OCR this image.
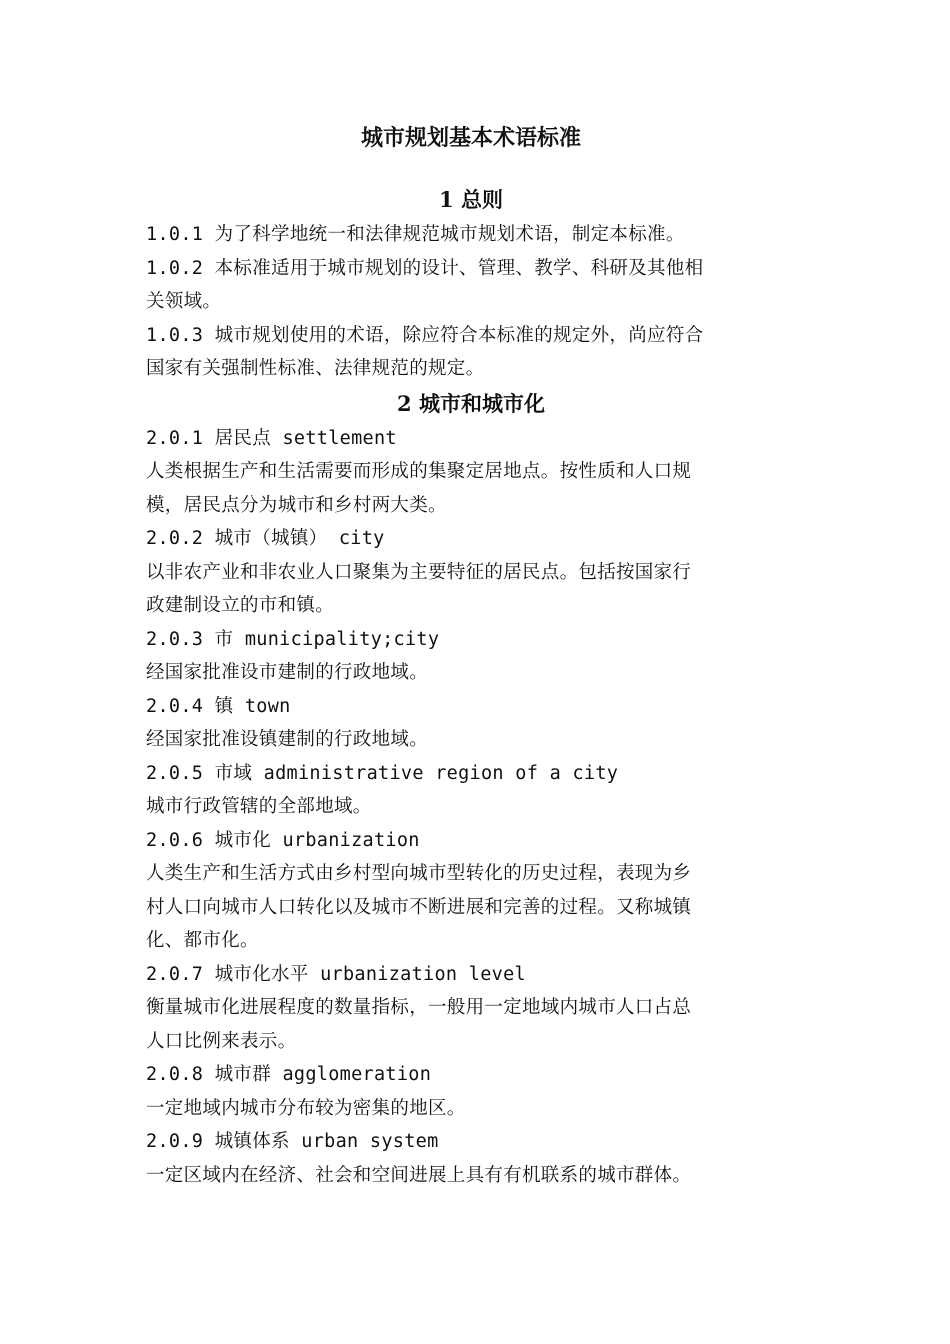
城市规划基本术语标准
1 总则
1.0.1 为了科学地统一和法律规范城市规划术语，制定本标准。
1.0.2 本标准适用于城市规划的设计、管理、教学、科研及其他相
关领域。
1.0.3 城市规划使用的术语，除应符合本标准的规定外，尚应符合
国家有关强制性标准、法律规范的规定。
2 城市和城市化
2.0.1 居民点 settlement
人类根据生产和生活需要而形成的集聚定居地点。按性质和人口规
模，居民点分为城市和乡村两大类。
2.0.2 城市（城镇） city
以非农产业和非农业人口聚集为主要特征的居民点。包括按国家行
政建制设立的市和镇。
2.0.3 市 municipality;city
经国家批准设市建制的行政地域。
2.0.4 镇 town
经国家批准设镇建制的行政地域。
2.0.5 市域 administrative region of a city
城市行政管辖的全部地域。
2.0.6 城市化 urbanization
人类生产和生活方式由乡村型向城市型转化的历史过程，表现为乡
村人口向城市人口转化以及城市不断进展和完善的过程。又称城镇
化、都市化。
2.0.7 城市化水平 urbanization level
衡量城市化进展程度的数量指标，一般用一定地域内城市人口占总
人口比例来表示。
2.0.8 城市群 agglomeration
一定地域内城市分布较为密集的地区。
2.0.9 城镇体系 urban system
一定区域内在经济、社会和空间进展上具有有机联系的城市群体。
